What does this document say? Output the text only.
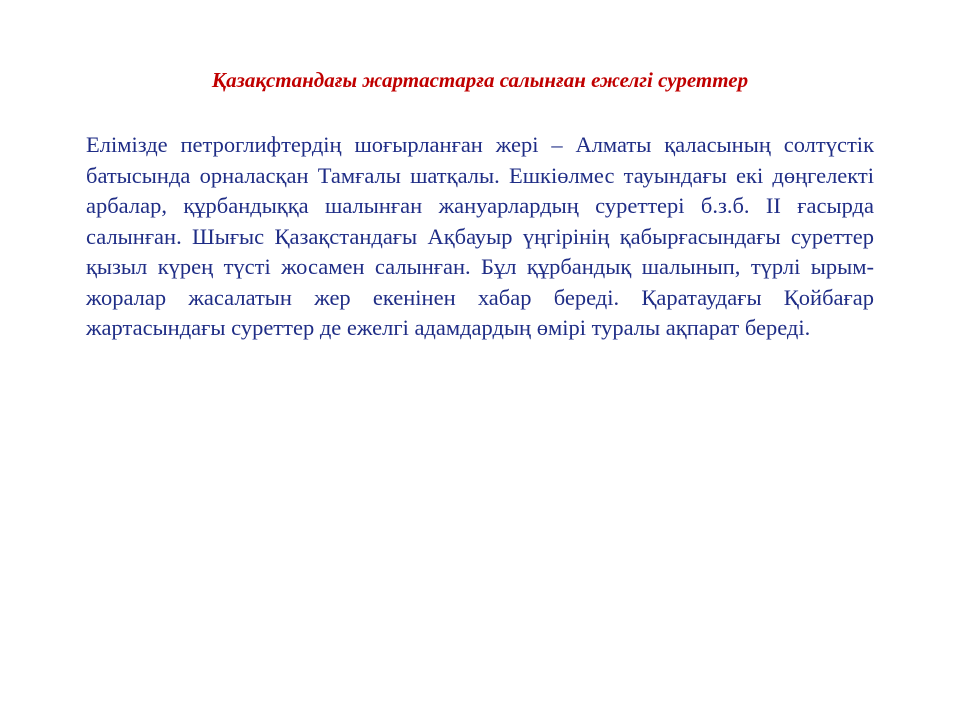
Қазақстандағы жартастарға салынған ежелгі суреттер

Елімізде петроглифтердің шоғырланған жері – Алматы қаласының солтүстік батысында орналасқан Тамғалы шатқалы. Ешкіөлмес тауындағы екі дөңгелекті арбалар, құрбандыққа шалынған жануарлардың суреттері б.з.б. ІІ ғасырда салынған. Шығыс Қазақстандағы Ақбауыр үңгірінің қабырғасындағы суреттер қызыл күрең түсті жосамен салынған. Бұл құрбандық шалынып, түрлі ырым-жоралар жасалатын жер екенінен хабар береді. Қаратаудағы Қойбағар жартасындағы суреттер де ежелгі адамдардың өмірі туралы ақпарат береді.
